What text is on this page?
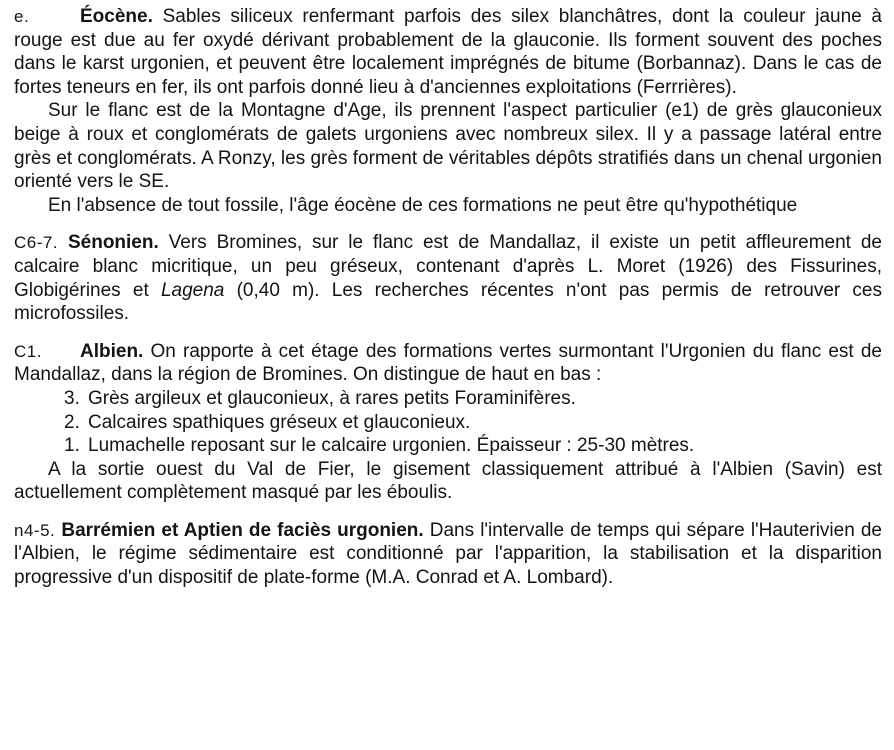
e.	Éocène. Sables siliceux renfermant parfois des silex blanchâtres, dont la couleur jaune à rouge est due au fer oxydé dérivant probablement de la glauconie. Ils forment souvent des poches dans le karst urgonien, et peuvent être localement imprégnés de bitume (Borbannaz). Dans le cas de fortes teneurs en fer, ils ont parfois donné lieu à d'anciennes exploitations (Ferrrières).

Sur le flanc est de la Montagne d'Age, ils prennent l'aspect particulier (e1) de grès glauconieux beige à roux et conglomérats de galets urgoniens avec nombreux silex. Il y a passage latéral entre grès et conglomérats. A Ronzy, les grès forment de véritables dépôts stratifiés dans un chenal urgonien orienté vers le SE.

En l'absence de tout fossile, l'âge éocène de ces formations ne peut être qu'hypothétique

C6-7. Sénonien. Vers Bromines, sur le flanc est de Mandallaz, il existe un petit affleurement de calcaire blanc micritique, un peu gréseux, contenant d'après L. Moret (1926) des Fissurines, Globigérines et Lagena (0,40 m). Les recherches récentes n'ont pas permis de retrouver ces microfossiles.

C1. Albien. On rapporte à cet étage des formations vertes surmontant l'Urgonien du flanc est de Mandallaz, dans la région de Bromines. On distingue de haut en bas :

3. Grès argileux et glauconieux, à rares petits Foraminifères.
2. Calcaires spathiques gréseux et glauconieux.
1. Lumachelle reposant sur le calcaire urgonien. Épaisseur : 25-30 mètres.

A la sortie ouest du Val de Fier, le gisement classiquement attribué à l'Albien (Savin) est actuellement complètement masqué par les éboulis.

n4-5. Barrémien et Aptien de faciès urgonien. Dans l'intervalle de temps qui sépare l'Hauterivien de l'Albien, le régime sédimentaire est conditionné par l'apparition, la stabilisation et la disparition progressive d'un dispositif de plate-forme (M.A. Conrad et A. Lombard).
